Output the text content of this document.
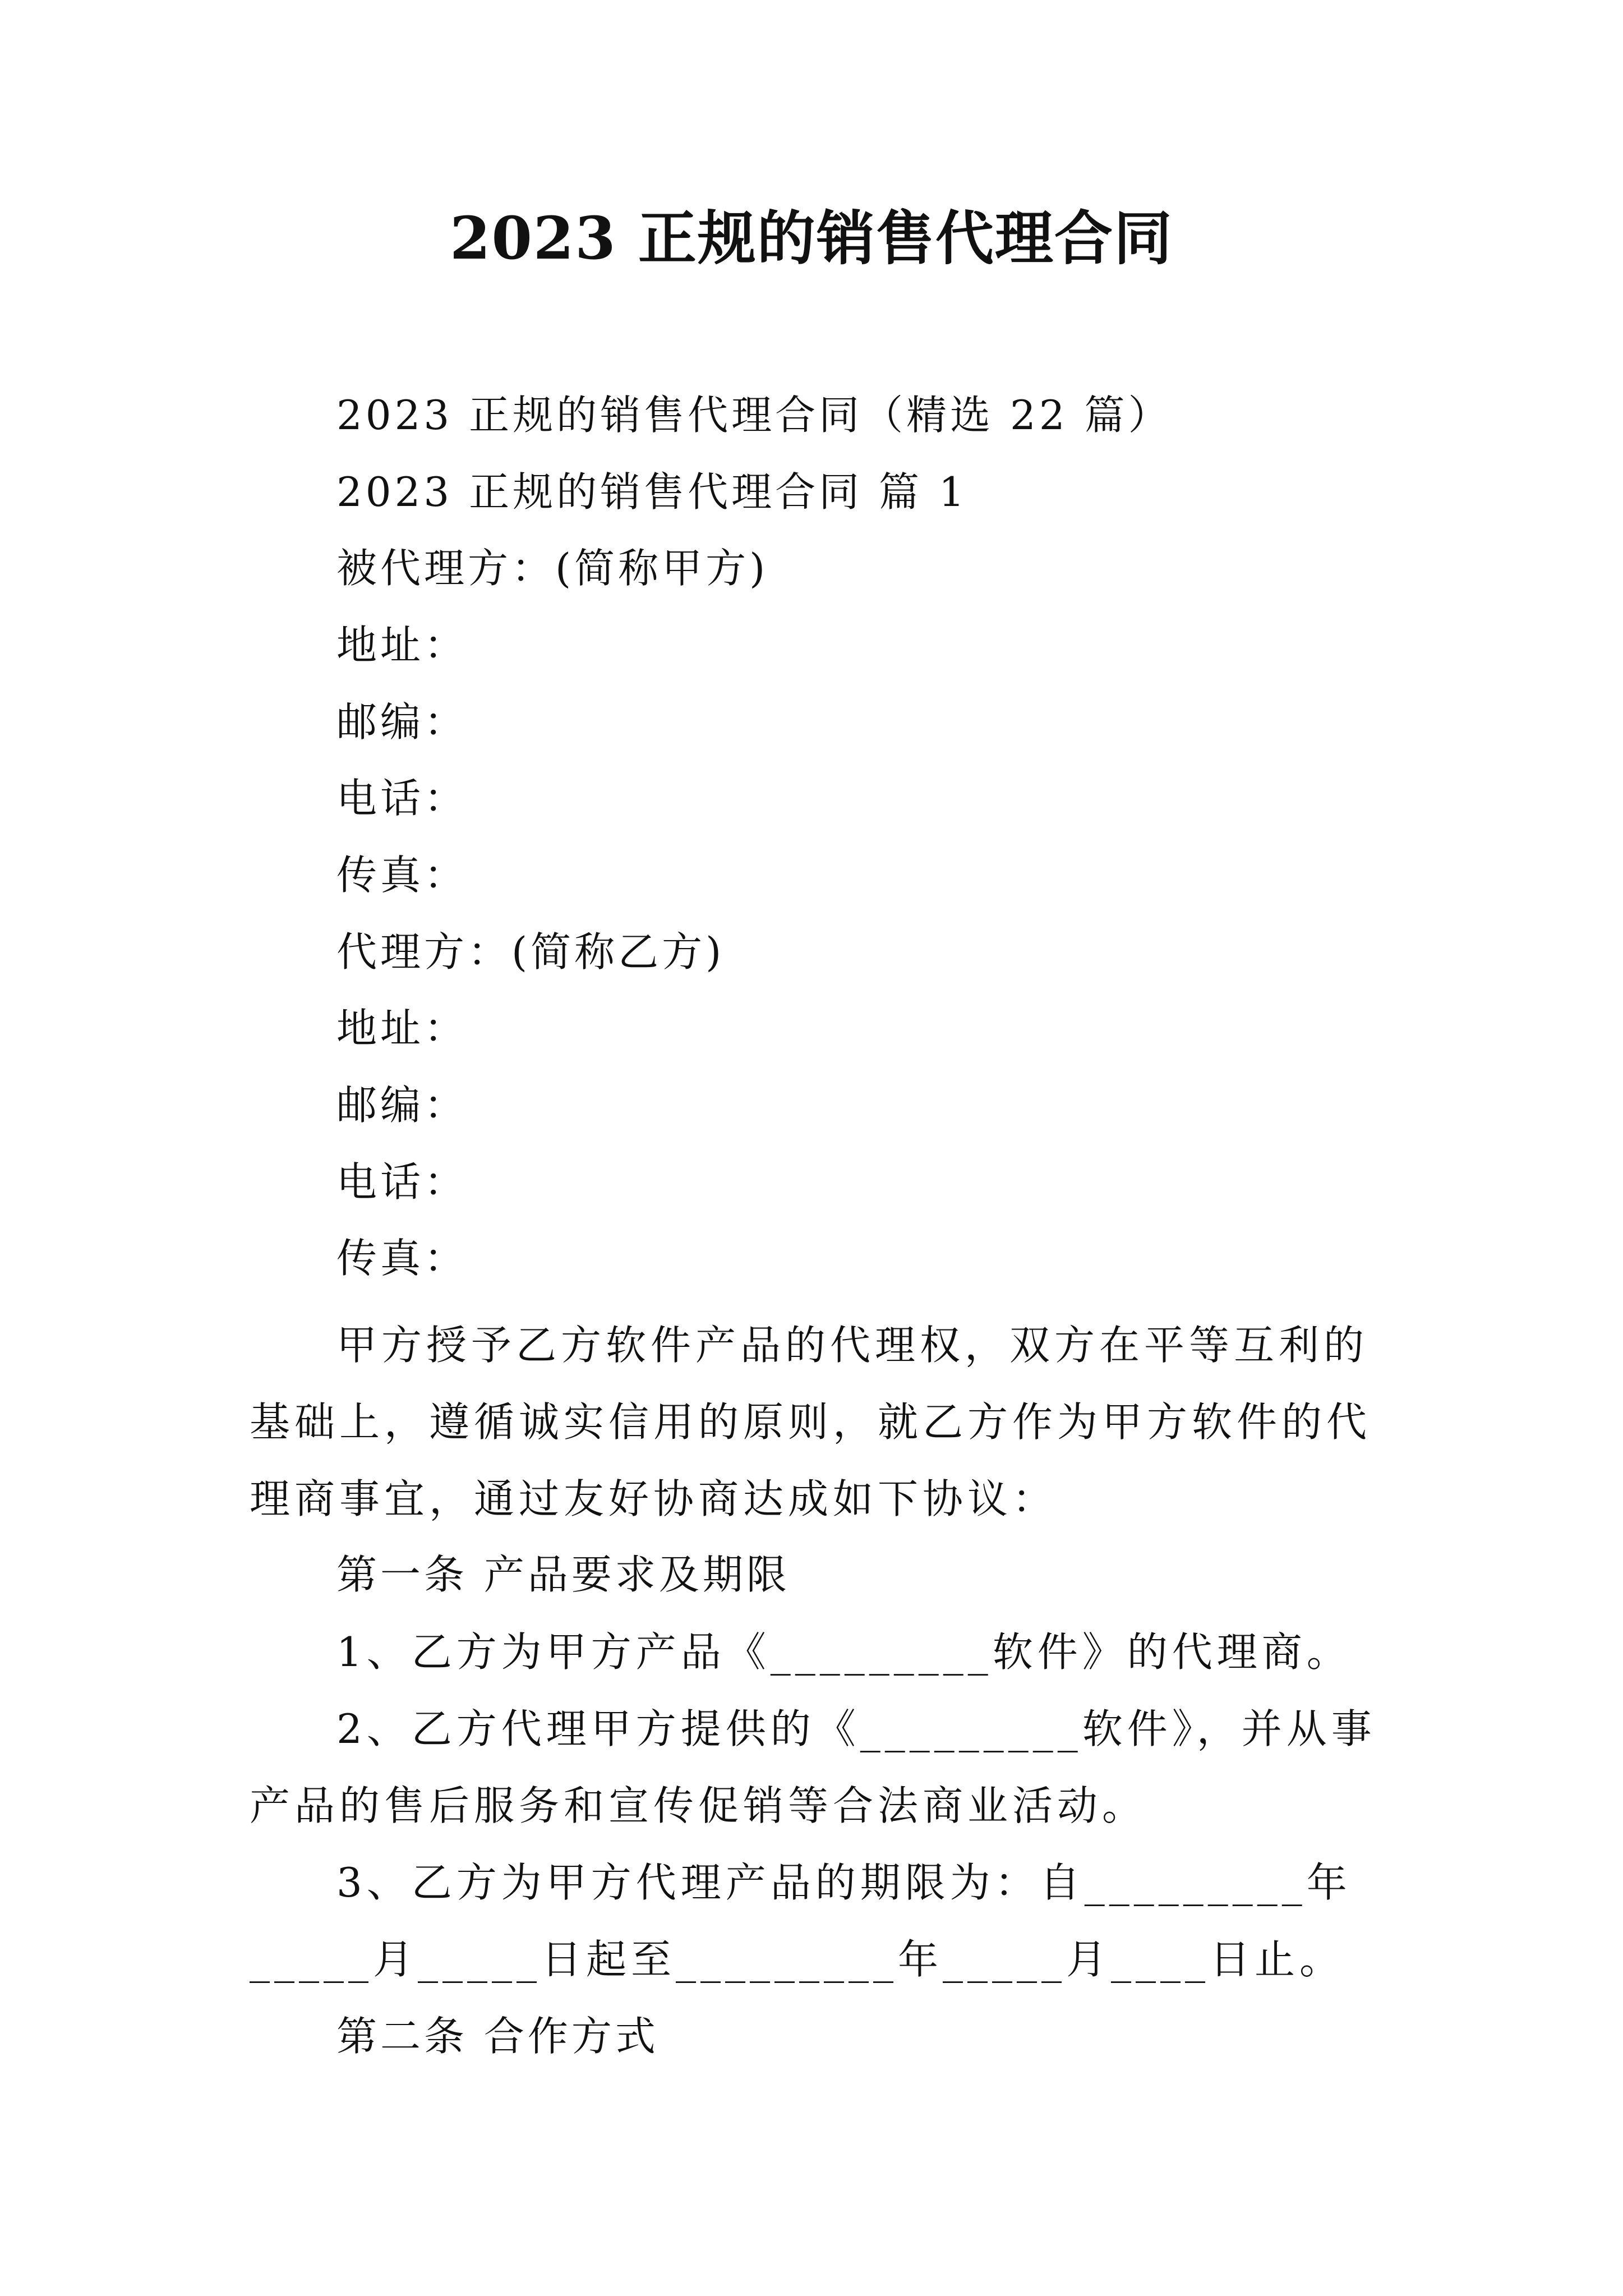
2023 正规的销售代理合同
2023 正规的销售代理合同（精选 22 篇）
2023 正规的销售代理合同 篇 1
被代理方：(简称甲方)
地址：
邮编：
电话：
传真：
代理方：(简称乙方)
地址：
邮编：
电话：
传真：
甲方授予乙方软件产品的代理权，双方在平等互利的基础上，遵循诚实信用的原则，就乙方作为甲方软件的代理商事宜，通过友好协商达成如下协议：
第一条 产品要求及期限
1、乙方为甲方产品《_________软件》的代理商。
2、乙方代理甲方提供的《_________软件》，并从事产品的售后服务和宣传促销等合法商业活动。
3、乙方为甲方代理产品的期限为：自_________年_____月_____日起至_________年_____月____日止。
第二条 合作方式
